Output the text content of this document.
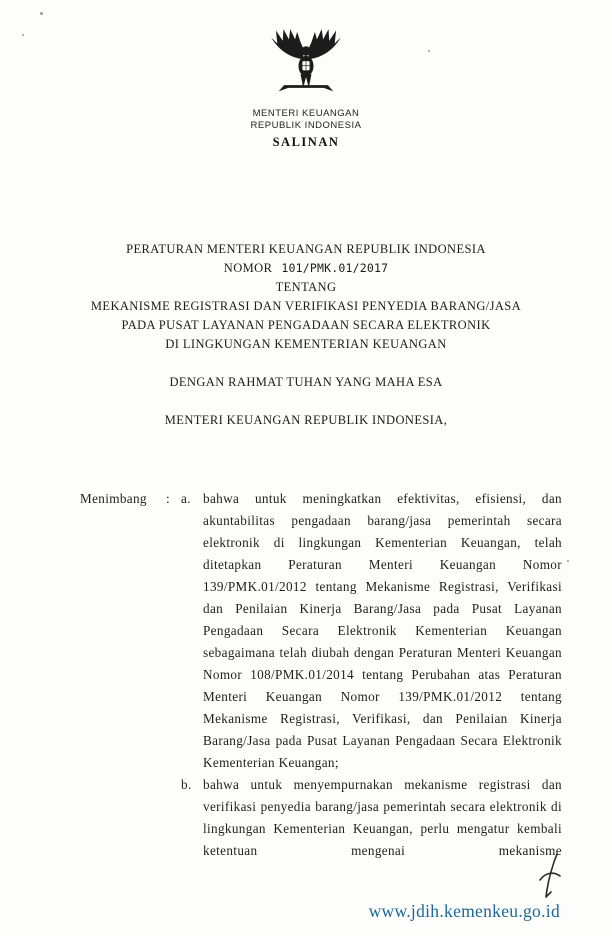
MENTERI KEUANGAN
REPUBLIK INDONESIA
SALINAN
PERATURAN MENTERI KEUANGAN REPUBLIK INDONESIA
NOMOR 101/PMK.01/2017
TENTANG
MEKANISME REGISTRASI DAN VERIFIKASI PENYEDIA BARANG/JASA
PADA PUSAT LAYANAN PENGADAAN SECARA ELEKTRONIK
DI LINGKUNGAN KEMENTERIAN KEUANGAN
DENGAN RAHMAT TUHAN YANG MAHA ESA
MENTERI KEUANGAN REPUBLIK INDONESIA,
Menimbang	: a. bahwa untuk meningkatkan efektivitas, efisiensi, dan akuntabilitas pengadaan barang/jasa pemerintah secara elektronik di lingkungan Kementerian Keuangan, telah ditetapkan Peraturan Menteri Keuangan Nomor 139/PMK.01/2012 tentang Mekanisme Registrasi, Verifikasi dan Penilaian Kinerja Barang/Jasa pada Pusat Layanan Pengadaan Secara Elektronik Kementerian Keuangan sebagaimana telah diubah dengan Peraturan Menteri Keuangan Nomor 108/PMK.01/2014 tentang Perubahan atas Peraturan Menteri Keuangan Nomor 139/PMK.01/2012 tentang Mekanisme Registrasi, Verifikasi, dan Penilaian Kinerja Barang/Jasa pada Pusat Layanan Pengadaan Secara Elektronik Kementerian Keuangan;
b. bahwa untuk menyempurnakan mekanisme registrasi dan verifikasi penyedia barang/jasa pemerintah secara elektronik di lingkungan Kementerian Keuangan, perlu mengatur kembali ketentuan mengenai mekanisme
www.jdih.kemenkeu.go.id
